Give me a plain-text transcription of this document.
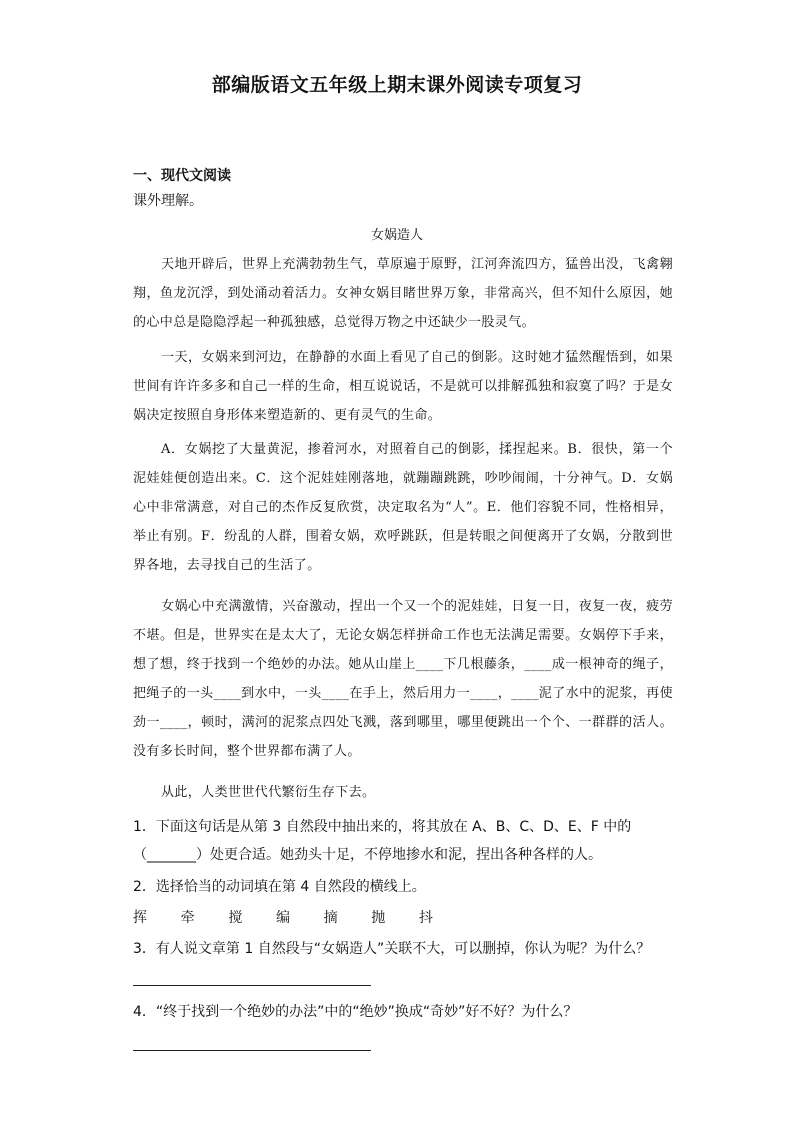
部编版语文五年级上期末课外阅读专项复习
一、现代文阅读
课外理解。
女娲造人
天地开辟后，世界上充满勃勃生气，草原遍于原野，江河奔流四方，猛兽出没，飞禽翱翔，鱼龙沉浮，到处涌动着活力。女神女娲目睹世界万象，非常高兴，但不知什么原因，她的心中总是隐隐浮起一种孤独感，总觉得万物之中还缺少一股灵气。
一天，女娲来到河边，在静静的水面上看见了自己的倒影。这时她才猛然醒悟到，如果世间有许许多多和自己一样的生命，相互说说话，不是就可以排解孤独和寂寞了吗？于是女娲决定按照自身形体来塑造新的、更有灵气的生命。
A．女娲挖了大量黄泥，掺着河水，对照着自己的倒影，揉捏起来。B．很快，第一个泥娃娃便创造出来。C．这个泥娃娃刚落地，就蹦蹦跳跳，吵吵闹闹，十分神气。D．女娲心中非常满意，对自己的杰作反复欣赏，决定取名为“人”。E．他们容貌不同，性格相异，举止有别。F．纷乱的人群，围着女娲，欢呼跳跃，但是转眼之间便离开了女娲，分散到世界各地，去寻找自己的生活了。
女娲心中充满激情，兴奋激动，捏出一个又一个的泥娃娃，日复一日，夜复一夜，疲劳不堪。但是，世界实在是太大了，无论女娲怎样拼命工作也无法满足需要。女娲停下手来，想了想，终于找到一个绝妙的办法。她从山崖上____下几根藤条，____成一根神奇的绳子，把绳子的一头____到水中，一头____在手上，然后用力一____，____泥了水中的泥浆，再使劲一____，顿时，满河的泥浆点四处飞溅，落到哪里，哪里便跳出一个个、一群群的活人。没有多长时间，整个世界都布满了人。
从此，人类世世代代繁衍生存下去。
1．下面这句话是从第 3 自然段中抽出来的，将其放在 A、B、C、D、E、F 中的（_______）处更合适。她劲头十足，不停地掺水和泥，捏出各种各样的人。
2．选择恰当的动词填在第 4 自然段的横线上。
挥 牵 搅 编 摘 抛 抖
3．有人说文章第 1 自然段与“女娲造人”关联不大，可以删掉，你认为呢？为什么？
4．“终于找到一个绝妙的办法”中的“绝妙”换成“奇妙”好不好？为什么？
